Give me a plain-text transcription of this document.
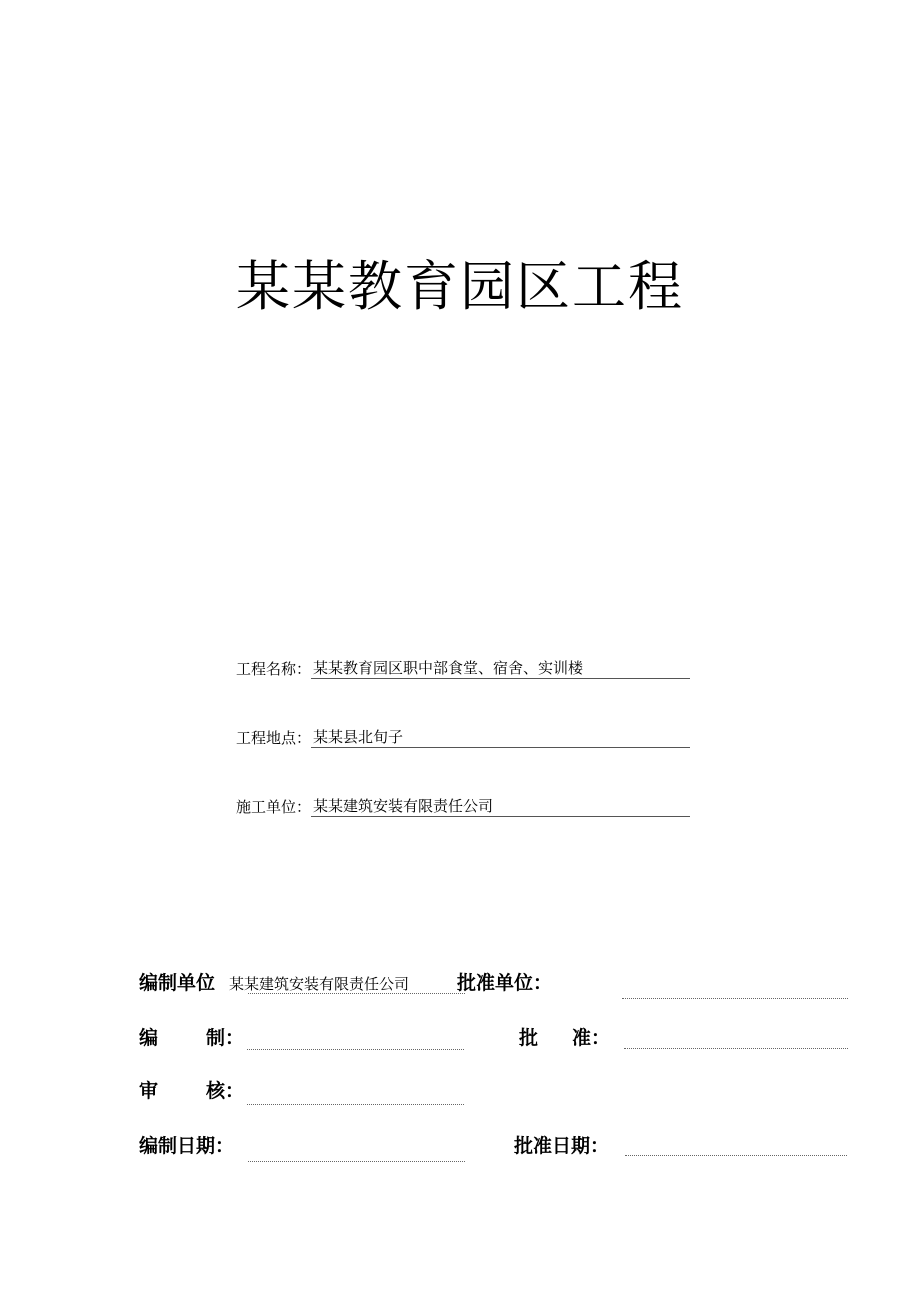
某某教育园区工程
工程名称： 某某教育园区职中部食堂、宿舍、实训楼
工程地点： 某某县北旬子
施工单位： 某某建筑安装有限责任公司
编制单位 某某建筑安装有限责任公司	批准单位：
编	制：	批 准：
审	核：
编制日期：	批准日期：
